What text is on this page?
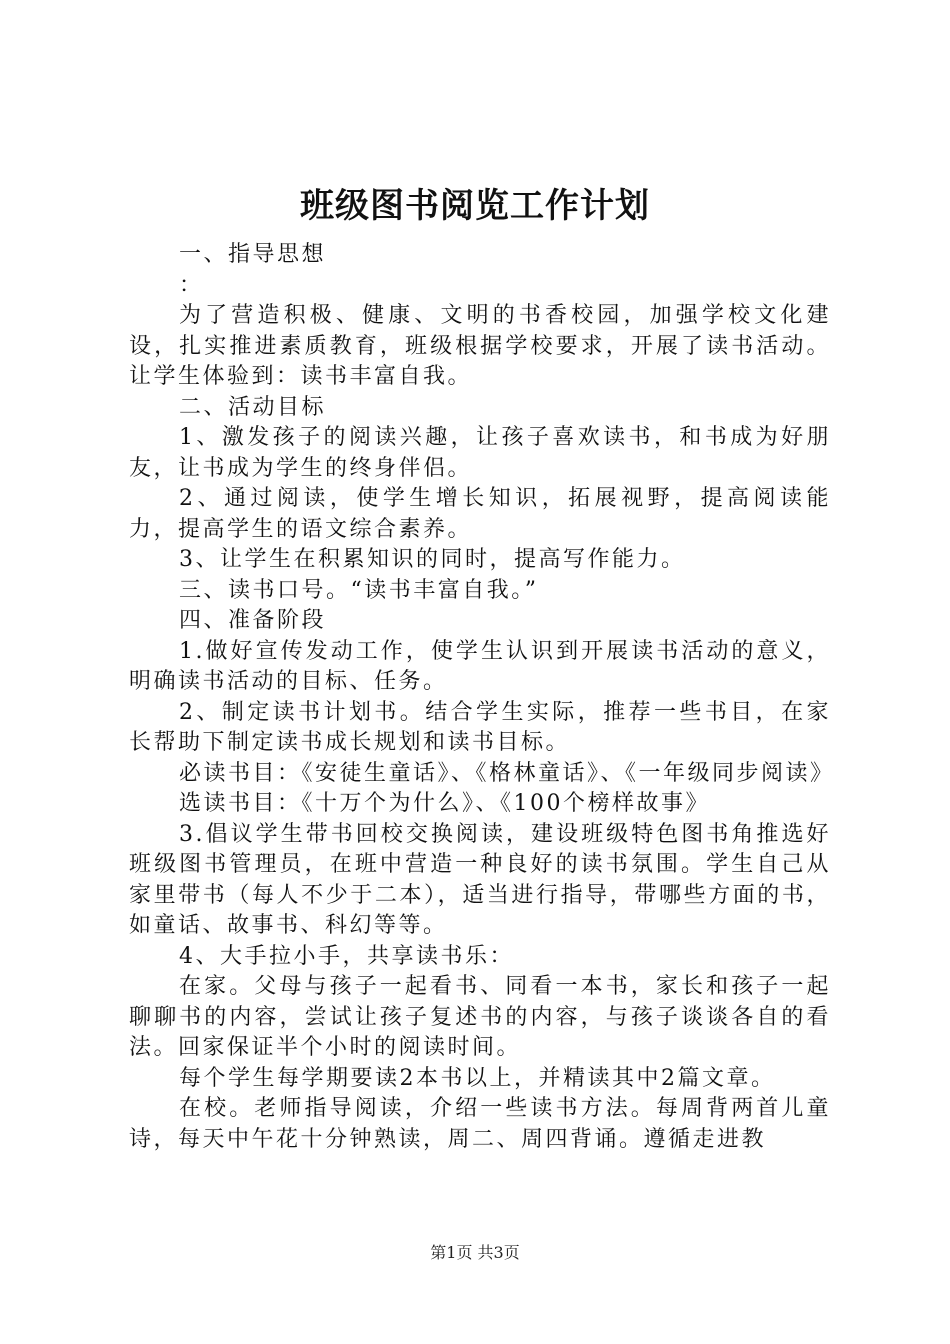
班级图书阅览工作计划

一、指导思想

：

为了营造积极、健康、文明的书香校园，加强学校文化建设，扎实推进素质教育，班级根据学校要求，开展了读书活动。让学生体验到：读书丰富自我。

二、活动目标

1、激发孩子的阅读兴趣，让孩子喜欢读书，和书成为好朋友，让书成为学生的终身伴侣。

2、通过阅读，使学生增长知识，拓展视野，提高阅读能力，提高学生的语文综合素养。

3、让学生在积累知识的同时，提高写作能力。

三、读书口号。“读书丰富自我。”

四、准备阶段

1.做好宣传发动工作，使学生认识到开展读书活动的意义，明确读书活动的目标、任务。

2、制定读书计划书。结合学生实际，推荐一些书目，在家长帮助下制定读书成长规划和读书目标。

必读书目：《安徒生童话》、《格林童话》、《一年级同步阅读》

选读书目：《十万个为什么》、《100个榜样故事》

3.倡议学生带书回校交换阅读，建设班级特色图书角推选好班级图书管理员，在班中营造一种良好的读书氛围。学生自己从家里带书（每人不少于二本），适当进行指导，带哪些方面的书，如童话、故事书、科幻等等。

4、大手拉小手，共享读书乐：

在家。父母与孩子一起看书、同看一本书，家长和孩子一起聊聊书的内容，尝试让孩子复述书的内容，与孩子谈谈各自的看法。回家保证半个小时的阅读时间。

每个学生每学期要读2本书以上，并精读其中2篇文章。

在校。老师指导阅读，介绍一些读书方法。每周背两首儿童诗，每天中午花十分钟熟读，周二、周四背诵。遵循走进教

第1页 共3页
